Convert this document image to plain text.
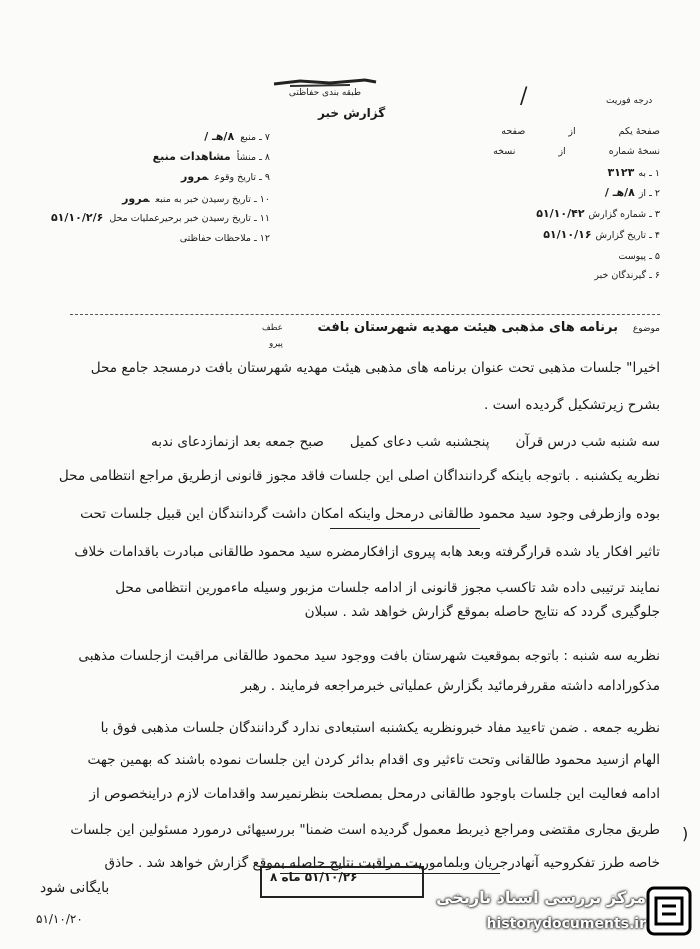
طبقه بندی حفاظتی
درجه فوریت
/
گزارش خبر
۷ ـ منبع۸/هـ /
۸ ـ منشأمشاهدات منبع
۹ ـ تاریخ وقوعمرور
۱۰ ـ تاریخ رسیدن خبر به منبعمرور
۱۱ ـ تاریخ رسیدن خبر برحیرعملیات محل۵۱/۱۰/۲/۶
۱۲ ـ ملاحظات حفاظتی
صفحهٔ یکم از صفحه
نسخهٔ شماره از نسخه
۱ ـ به۳۱۲۳
۲ ـ از۸/هـ /
۳ ـ شماره گزارش۵۱/۱۰/۴۲
۴ ـ تاریخ گزارش۵۱/۱۰/۱۶
۵ ـ پیوست
۶ ـ گیرندگان خبر
موضوع
برنامه های مذهبی هیئت مهدیه شهرستان بافت
عطف
پیرو
اخیرا" جلسات مذهبی تحت عنوان برنامه های مذهبی هیئت مهدیه شهرستان بافت درمسجد جامع محل
بشرح زیرتشکیل گردیده است .
سه شنبه شب درس قرآن      پنجشنبه شب دعای کمیل      صبح جمعه بعد ازنمازدعای ندبه
نظریه یکشنبه . باتوجه باینکه گرداننداگان اصلی این جلسات فاقد مجوز قانونی ازطریق مراجع انتظامی محل
بوده وازطرفی وجود سید محمود طالقانی درمحل واینکه امکان داشت گردانندگان این قبیل جلسات تحت
تاثیر افکار یاد شده قرارگرفته وبعد هابه پیروی ازافکارمضره سید محمود طالقانی مبادرت باقدامات خلاف
نمایند ترتیبی داده شد تاکسب مجوز قانونی از ادامه جلسات مزبور وسیله ماءمورین انتظامی محل
جلوگیری گردد که نتایج حاصله بموقع گزارش خواهد شد . سبلان
نظریه سه شنبه : باتوجه بموقعیت شهرستان بافت ووجود سید محمود طالقانی مراقبت ازجلسات مذهبی
مذکورادامه داشته مقررفرمائید بگزارش عملیاتی خبرمراجعه فرمایند . رهبر
نظریه جمعه . ضمن تاءیید مفاد خبرونظریه یکشنبه استبعادی ندارد گردانندگان جلسات مذهبی فوق با
الهام ازسید محمود طالقانی وتحت تاءثیر وی اقدام بدائر کردن این جلسات نموده باشند که بهمین جهت
ادامه فعالیت این جلسات باوجود طالقانی درمحل بمصلحت بنظرنمیرسد واقدامات لازم دراینخصوص از
طریق مجاری مقتضی ومراجع ذیربط معمول گردیده است ضمنا" بررسیهائی درمورد مسئولین این جلسات
خاصه طرز تفکروحیه آنهادرجریان وبلماموریت مراقبت نتایج حاصله بموقع گزارش خواهد شد . حاذق
)
ﺑﺎﻳﮕﺎﻧﻰ ﺷﻮﺩ
۵۱/۱۰/۲۰
۵۱/۱۰/۲۶ ماه ۸
مرکز بررسی اسناد تاریخی
historydocuments.ir
